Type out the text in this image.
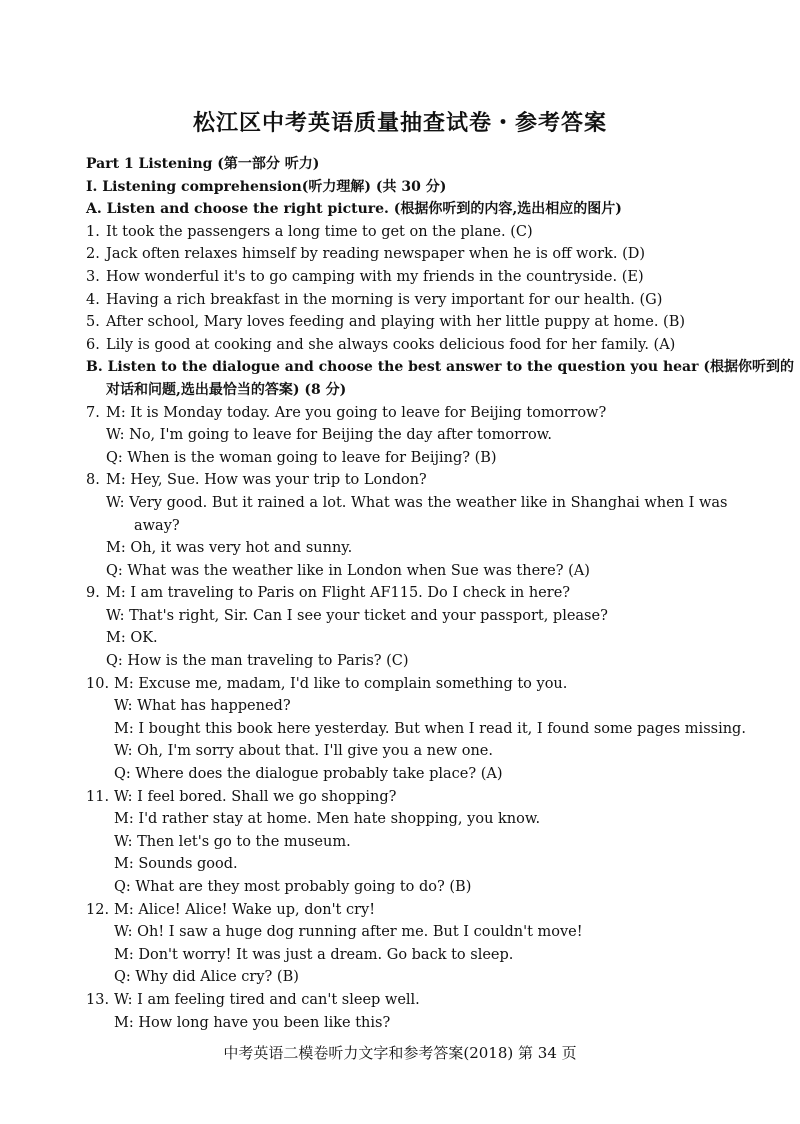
松江区中考英语质量抽查试卷・参考答案
Part 1 Listening (第一部分 听力)
Ⅰ. Listening comprehension(听力理解) (共 30 分)
A. Listen and choose the right picture. (根据你听到的内容,选出相应的图片)
1. It took the passengers a long time to get on the plane. (C)
2. Jack often relaxes himself by reading newspaper when he is off work. (D)
3. How wonderful it's to go camping with my friends in the countryside. (E)
4. Having a rich breakfast in the morning is very important for our health. (G)
5. After school, Mary loves feeding and playing with her little puppy at home. (B)
6. Lily is good at cooking and she always cooks delicious food for her family. (A)
B. Listen to the dialogue and choose the best answer to the question you hear (根据你听到的
对话和问题,选出最恰当的答案) (8 分)
7. M: It is Monday today. Are you going to leave for Beijing tomorrow?
W: No, I'm going to leave for Beijing the day after tomorrow.
Q: When is the woman going to leave for Beijing? (B)
8. M: Hey, Sue. How was your trip to London?
W: Very good. But it rained a lot. What was the weather like in Shanghai when I was
away?
M: Oh, it was very hot and sunny.
Q: What was the weather like in London when Sue was there? (A)
9. M: I am traveling to Paris on Flight AF115. Do I check in here?
W: That's right, Sir. Can I see your ticket and your passport, please?
M: OK.
Q: How is the man traveling to Paris? (C)
10. M: Excuse me, madam, I'd like to complain something to you.
W: What has happened?
M: I bought this book here yesterday. But when I read it, I found some pages missing.
W: Oh, I'm sorry about that. I'll give you a new one.
Q: Where does the dialogue probably take place? (A)
11. W: I feel bored. Shall we go shopping?
M: I'd rather stay at home. Men hate shopping, you know.
W: Then let's go to the museum.
M: Sounds good.
Q: What are they most probably going to do? (B)
12. M: Alice! Alice! Wake up, don't cry!
W: Oh! I saw a huge dog running after me. But I couldn't move!
M: Don't worry! It was just a dream. Go back to sleep.
Q: Why did Alice cry? (B)
13. W: I am feeling tired and can't sleep well.
M: How long have you been like this?
中考英语二模卷听力文字和参考答案(2018) 第 34 页
